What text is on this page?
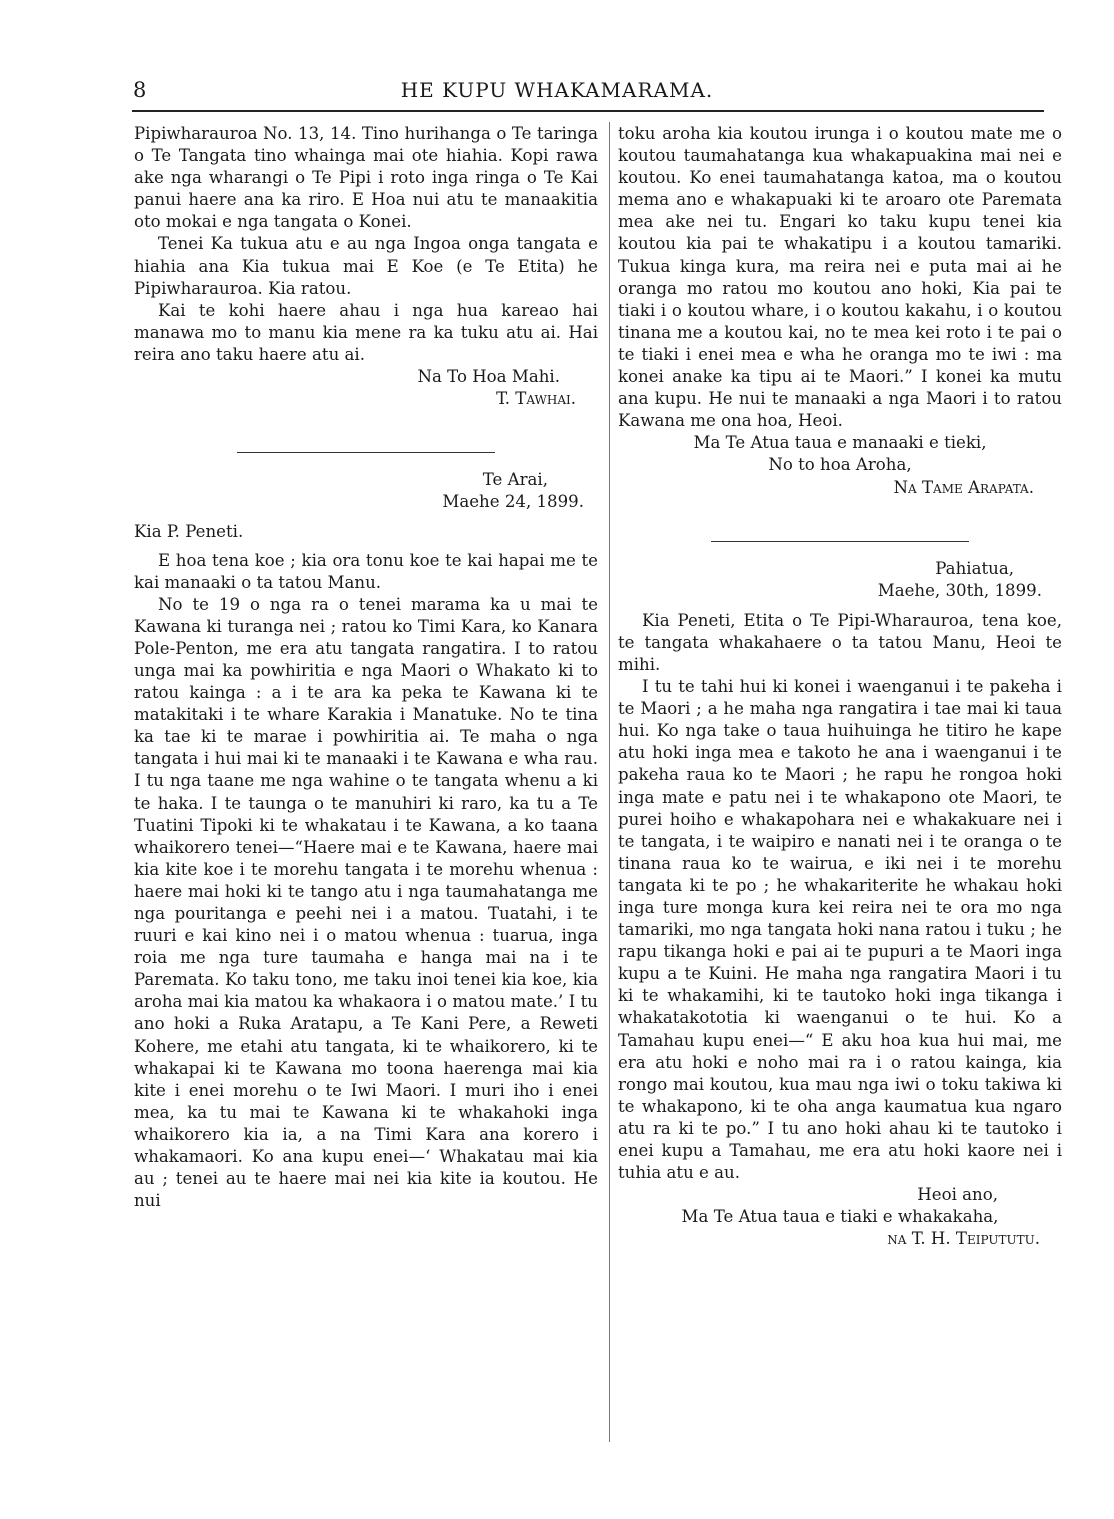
8	HE KUPU WHAKAMARAMA.

Pipiwharauroa No. 13, 14. Tino hurihanga o Te taringa o Te Tangata tino whainga mai ote hiahia. Kopi rawa ake nga wharangi o Te Pipi i roto inga ringa o Te Kai panui haere ana ka riro. E Hoa nui atu te manaakitia oto mokai e nga tangata o Konei.

Tenei Ka tukua atu e au nga Ingoa onga tangata e hiahia ana Kia tukua mai E Koe (e Te Etita) he Pipiwharauroa. Kia ratou.

Kai te kohi haere ahau i nga hua kareao hai manawa mo to manu kia mene ra ka tuku atu ai. Hai reira ano taku haere atu ai.

Na To Hoa Mahi.

T. Tawhai.

Te Arai,

Maehe 24, 1899.

Kia P. Peneti.

E hoa tena koe ; kia ora tonu koe te kai hapai me te kai manaaki o ta tatou Manu.

No te 19 o nga ra o tenei marama ka u mai te Kawana ki turanga nei ; ratou ko Timi Kara, ko Kanara Pole-Penton, me era atu tangata rangatira. I to ratou unga mai ka powhiritia e nga Maori o Whakato ki to ratou kainga : a i te ara ka peka te Kawana ki te matakitaki i te whare Karakia i Manatuke. No te tina ka tae ki te marae i powhiritia ai. Te maha o nga tangata i hui mai ki te manaaki i te Kawana e wha rau. I tu nga taane me nga wahine o te tangata whenu a ki te haka. I te taunga o te manuhiri ki raro, ka tu a Te Tuatini Tipoki ki te whakatau i te Kawana, a ko taana whaikorero tenei—“Haere mai e te Kawana, haere mai kia kite koe i te morehu tangata i te morehu whenua : haere mai hoki ki te tango atu i nga taumahatanga me nga pouritanga e peehi nei i a matou. Tuatahi, i te ruuri e kai kino nei i o matou whenua : tuarua, inga roia me nga ture taumaha e hanga mai na i te Paremata. Ko taku tono, me taku inoi tenei kia koe, kia aroha mai kia matou ka whakaora i o matou mate.’ I tu ano hoki a Ruka Aratapu, a Te Kani Pere, a Reweti Kohere, me etahi atu tangata, ki te whaikorero, ki te whakapai ki te Kawana mo toona haerenga mai kia kite i enei morehu o te Iwi Maori. I muri iho i enei mea, ka tu mai te Kawana ki te whakahoki inga whaikorero kia ia, a na Timi Kara ana korero i whakamaori. Ko ana kupu enei—‘ Whakatau mai kia au ; tenei au te haere mai nei kia kite ia koutou. He nui

toku aroha kia koutou irunga i o koutou mate me o koutou taumahatanga kua whakapuakina mai nei e koutou. Ko enei taumahatanga katoa, ma o koutou mema ano e whakapuaki ki te aroaro ote Paremata mea ake nei tu. Engari ko taku kupu tenei kia koutou kia pai te whakatipu i a koutou tamariki. Tukua kinga kura, ma reira nei e puta mai ai he oranga mo ratou mo koutou ano hoki, Kia pai te tiaki i o koutou whare, i o koutou kakahu, i o koutou tinana me a koutou kai, no te mea kei roto i te pai o te tiaki i enei mea e wha he oranga mo te iwi : ma konei anake ka tipu ai te Maori.” I konei ka mutu ana kupu. He nui te manaaki a nga Maori i to ratou Kawana me ona hoa, Heoi.

Ma Te Atua taua e manaaki e tieki,

No to hoa Aroha,

Na Tame Arapata.

Pahiatua,

Maehe, 30th, 1899.

Kia Peneti, Etita o Te Pipi-Wharauroa, tena koe, te tangata whakahaere o ta tatou Manu, Heoi te mihi.

I tu te tahi hui ki konei i waenganui i te pakeha i te Maori ; a he maha nga rangatira i tae mai ki taua hui. Ko nga take o taua huihuinga he titiro he kape atu hoki inga mea e takoto he ana i waenganui i te pakeha raua ko te Maori ; he rapu he rongoa hoki inga mate e patu nei i te whakapono ote Maori, te purei hoiho e whakapohara nei e whakakuare nei i te tangata, i te waipiro e nanati nei i te oranga o te tinana raua ko te wairua, e iki nei i te morehu tangata ki te po ; he whakariterite he whakau hoki inga ture monga kura kei reira nei te ora mo nga tamariki, mo nga tangata hoki nana ratou i tuku ; he rapu tikanga hoki e pai ai te pupuri a te Maori inga kupu a te Kuini. He maha nga rangatira Maori i tu ki te whakamihi, ki te tautoko hoki inga tikanga i whakatakototia ki waenganui o te hui. Ko a Tamahau kupu enei—“ E aku hoa kua hui mai, me era atu hoki e noho mai ra i o ratou kainga, kia rongo mai koutou, kua mau nga iwi o toku takiwa ki te whakapono, ki te oha anga kaumatua kua ngaro atu ra ki te po.” I tu ano hoki ahau ki te tautoko i enei kupu a Tamahau, me era atu hoki kaore nei i tuhia atu e au.

Heoi ano,

Ma Te Atua taua e tiaki e whakakaha,

na T. H. Teipututu.
